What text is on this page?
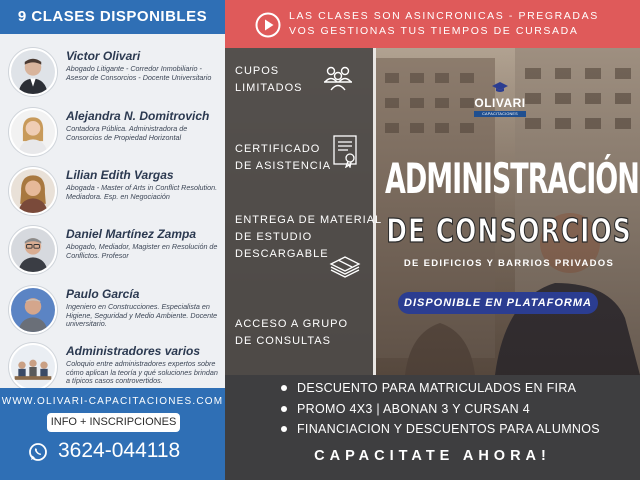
9 CLASES DISPONIBLES
Victor Olivari
Abogado Litigante - Corredor Inmobiliario - Asesor de Consorcios - Docente Universitario
Alejandra N. Domitrovich
Contadora Pública. Administradora de Consorcios de Propiedad Horizontal
Lilian Edith Vargas
Abogada - Master of Arts in Conflict Resolution. Mediadora. Esp. en Negociación
Daniel Martínez Zampa
Abogado, Mediador, Magister en Resolución de Conflictos. Profesor
Paulo García
Ingeniero en Construcciones. Especialista en Higiene, Seguridad y Medio Ambiente. Docente universitario.
Administradores varios
Coloquio entre administradores expertos sobre cómo aplican la teoría y qué soluciones brindan a típicos casos controvertidos.
WWW.OLIVARI-CAPACITACIONES.COM
INFO + INSCRIPCIONES
3624-044118
LAS CLASES SON ASINCRONICAS - PREGRADAS
VOS GESTIONAS TUS TIEMPOS DE CURSADA
CUPOS
LIMITADOS
CERTIFICADO
DE ASISTENCIA
ENTREGA DE MATERIAL
DE ESTUDIO
DESCARGABLE
ACCESO A GRUPO
DE CONSULTAS
OLIVARI
CAPACITACIONES
ADMINISTRACIÓN
DE CONSORCIOS
DE EDIFICIOS Y BARRIOS PRIVADOS
DISPONIBLE EN PLATAFORMA
DESCUENTO PARA MATRICULADOS EN FIRA
PROMO 4X3 | ABONAN 3 Y CURSAN 4
FINANCIACION Y DESCUENTOS PARA ALUMNOS
CAPACITATE AHORA!
